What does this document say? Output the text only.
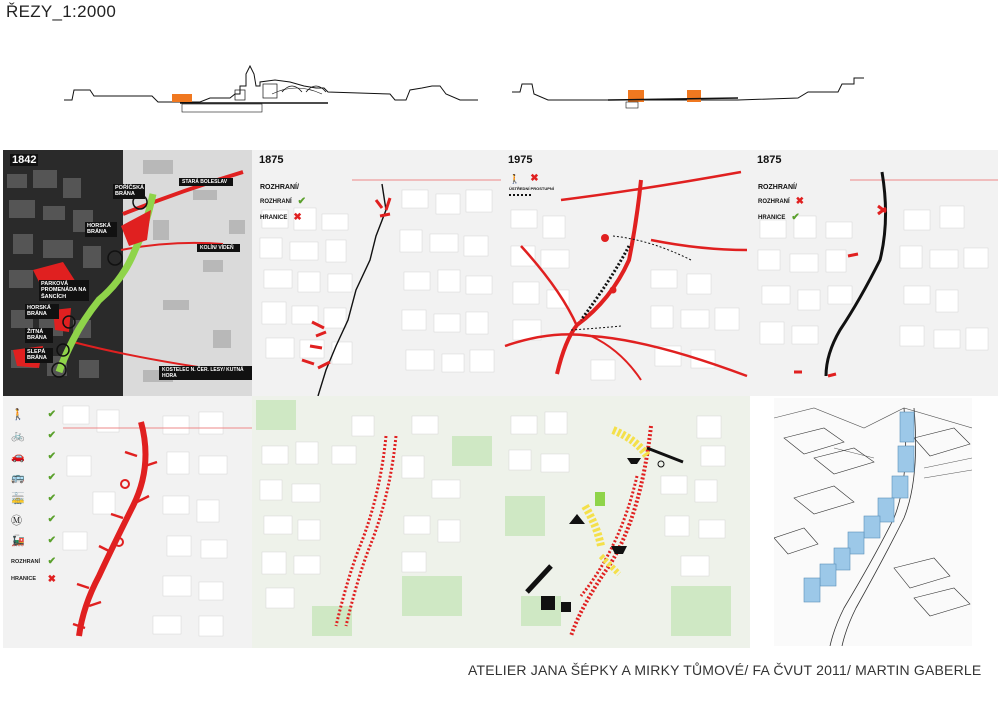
ŘEZY_1:2000
1842
POŘÍČSKÁ BRÁNA
HORSKÁ BRÁNA
PARKOVÁ PROMENÁDA NA ŠANCÍCH
HORSKÁ BRÁNA
ŽITNÁ BRÁNA
SLEPÁ BRÁNA
STARÁ BOLESLAV
KOLÍN/ VÍDEŇ
KOSTELEC N. ČER. LESY/ KUTNÁ HORA
1875
ROZHRANÍ/
ROZHRANÍ ✔
HRANICE ✖
1975
🚶 ✖
ÚSTŘEDNÍ PROSTUPNÍ
1875
ROZHRANÍ/
ROZHRANÍ ✖
HRANICE ✔
🚶 ✔
🚲 ✔
🚗 ✔
🚌 ✔
🚋 ✔
Ⓜ	✔
🚂 ✔
ROZHRANÍ ✔
HRANICE ✖
ATELIER JANA ŠÉPKY A MIRKY TŮMOVÉ/ FA ČVUT 2011/ MARTIN GABERLE
